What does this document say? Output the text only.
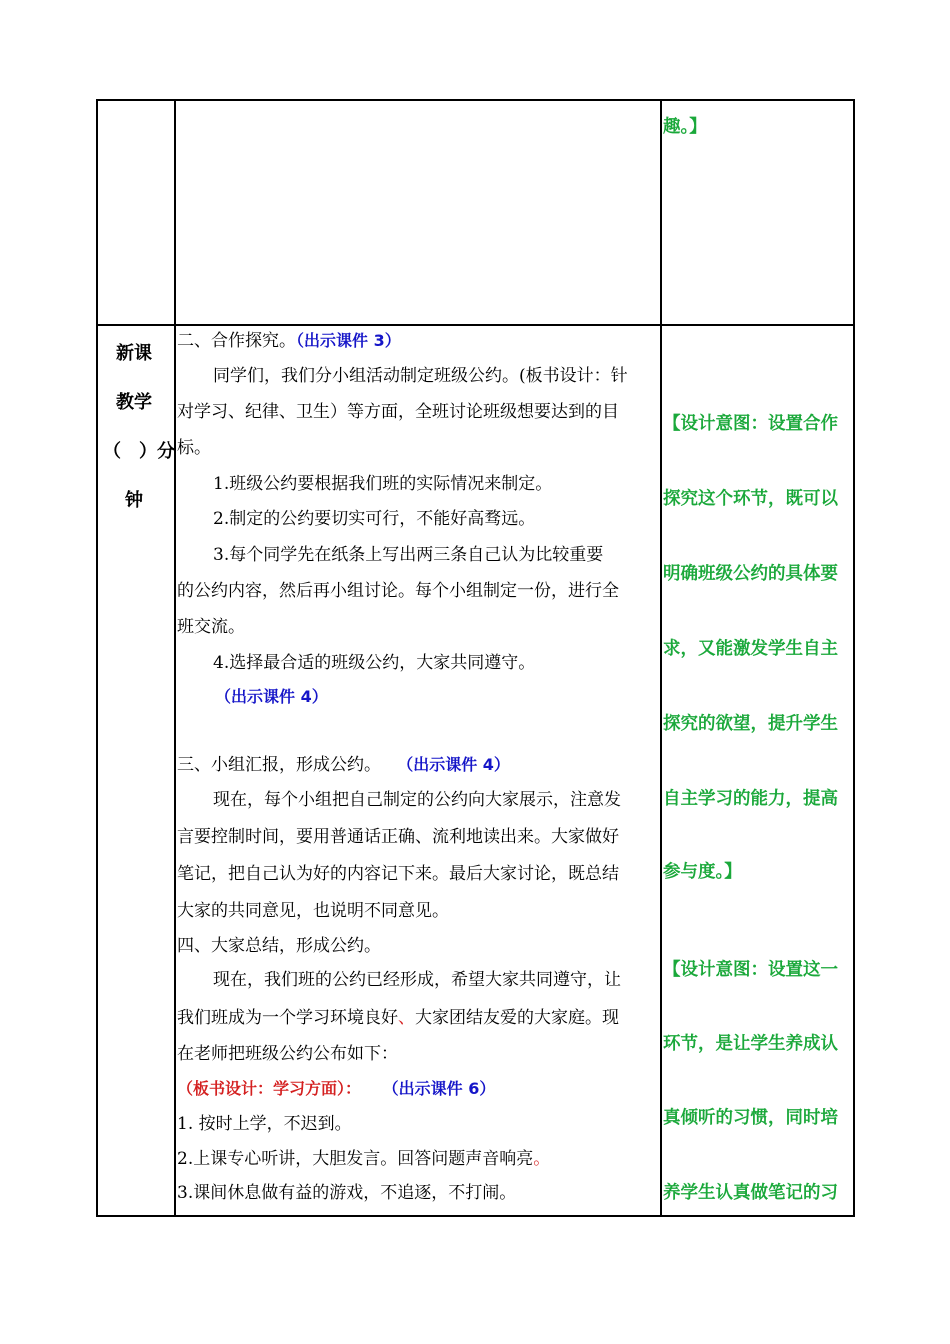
趣。】
新课
教学
（　）分
钟
二、合作探究。（出示课件 3）
同学们，我们分小组活动制定班级公约。(板书设计：针
对学习、纪律、卫生）等方面，全班讨论班级想要达到的目
标。
1.班级公约要根据我们班的实际情况来制定。
2.制定的公约要切实可行，不能好高骛远。
3.每个同学先在纸条上写出两三条自己认为比较重要
的公约内容，然后再小组讨论。每个小组制定一份，进行全
班交流。
4.选择最合适的班级公约，大家共同遵守。
（出示课件 4）
三、小组汇报，形成公约。 （出示课件 4）
现在，每个小组把自己制定的公约向大家展示，注意发
言要控制时间，要用普通话正确、流利地读出来。大家做好
笔记，把自己认为好的内容记下来。最后大家讨论，既总结
大家的共同意见，也说明不同意见。
四、大家总结，形成公约。
现在，我们班的公约已经形成，希望大家共同遵守，让
我们班成为一个学习环境良好、大家团结友爱的大家庭。现
在老师把班级公约公布如下：
（板书设计：学习方面）： （出示课件 6）
1. 按时上学，不迟到。
2.上课专心听讲，大胆发言。回答问题声音响亮。
3.课间休息做有益的游戏，不追逐，不打闹。
【设计意图：设置合作
探究这个环节，既可以
明确班级公约的具体要
求，又能激发学生自主
探究的欲望，提升学生
自主学习的能力，提高
参与度。】
【设计意图：设置这一
环节，是让学生养成认
真倾听的习惯，同时培
养学生认真做笔记的习
